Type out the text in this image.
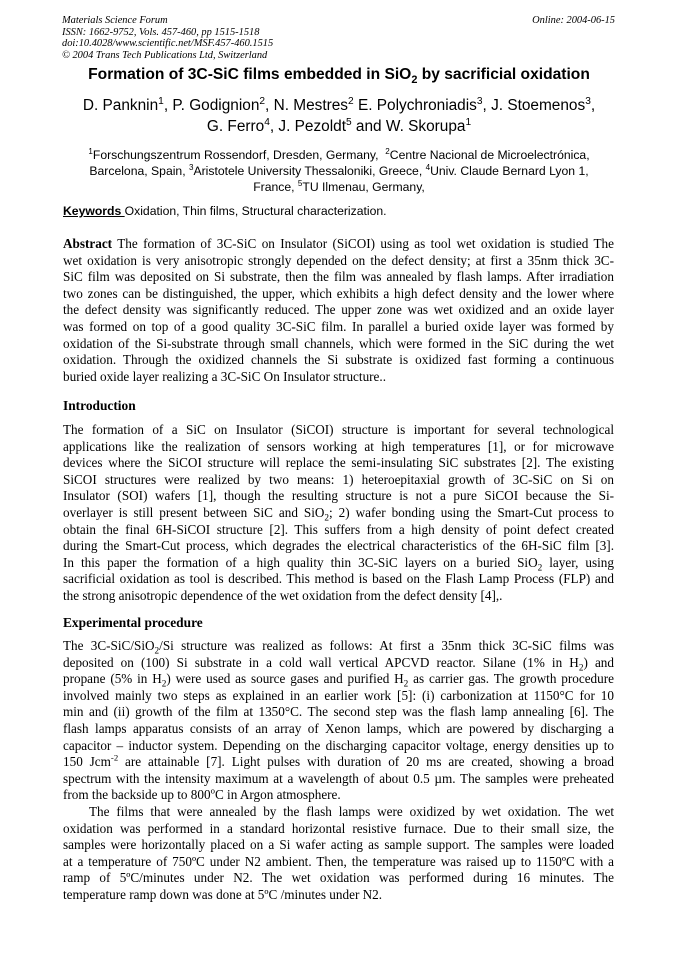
Materials Science Forum
ISSN: 1662-9752, Vols. 457-460, pp 1515-1518
doi:10.4028/www.scientific.net/MSF.457-460.1515
© 2004 Trans Tech Publications Ltd, Switzerland
Online: 2004-06-15
Formation of 3C-SiC films embedded in SiO$_2$ by sacrificial oxidation
D. Panknin$^1$, P. Godignion$^2$, N. Mestres$^2$ E. Polychroniadis$^3$, J. Stoemenos$^3$,
G. Ferro$^4$, J. Pezoldt$^5$ and W. Skorupa$^1$
$^1$Forschungszentrum Rossendorf, Dresden, Germany,  $^2$Centre Nacional de Microelectrónica,
Barcelona, Spain, $^3$Aristotele University Thessaloniki, Greece, $^4$Univ. Claude Bernard Lyon 1,
France, $^5$TU Ilmenau, Germany,
Keywords Oxidation, Thin films, Structural characterization.
Abstract The formation of 3C-SiC on Insulator (SiCOI) using as tool wet oxidation is studied The
wet oxidation is very anisotropic strongly depended on the defect density; at first a 35nm thick 3C-
SiC film was deposited on Si substrate, then the film was annealed by flash lamps. After irradiation
two zones can be distinguished, the upper, which exhibits a high defect density and the lower where
the defect density was significantly reduced. The upper zone was wet oxidized and an oxide layer
was formed on top of a good quality 3C-SiC film. In parallel a buried oxide layer was formed by
oxidation of the Si-substrate through small channels, which were formed in the SiC during the wet
oxidation. Through the oxidized channels the Si substrate is oxidized fast forming a continuous
buried oxide layer realizing a 3C-SiC On Insulator structure..
Introduction
The formation of a SiC on Insulator (SiCOI) structure is important for several technological
applications like the realization of sensors working at high temperatures [1], or for microwave
devices where the SiCOI structure will replace the semi-insulating SiC substrates [2]. The existing
SiCOI structures were realized by two means: 1) heteroepitaxial growth of 3C-SiC on Si on
Insulator (SOI) wafers [1], though the resulting structure is not a pure SiCOI because the Si-
overlayer is still present between SiC and SiO$_2$; 2) wafer bonding using the Smart-Cut process to
obtain the final 6H-SiCOI structure [2]. This suffers from a high density of point defect created
during the Smart-Cut process, which degrades the electrical characteristics of the 6H-SiC film [3].
In this paper the formation of a high quality thin 3C-SiC layers on a buried SiO$_2$ layer, using
sacrificial oxidation as tool is described. This method is based on the Flash Lamp Process (FLP) and
the strong anisotropic dependence of the wet oxidation from the defect density [4],.
Experimental procedure
The 3C-SiC/SiO$_2$/Si structure was realized as follows: At first a 35nm thick 3C-SiC films was
deposited on (100) Si substrate in a cold wall vertical APCVD reactor. Silane (1% in $H_2$) and
propane (5% in $H_2$) were used as source gases and purified $H_2$ as carrier gas. The growth procedure
involved mainly two steps as explained in an earlier work [5]: (i) carbonization at 1150°C for 10
min and (ii) growth of the film at 1350°C. The second step was the flash lamp annealing [6]. The
flash lamps apparatus consists of an array of Xenon lamps, which are powered by discharging a
capacitor – inductor system. Depending on the discharging capacitor voltage, energy densities up to
150 Jcm$^{-2}$ are attainable [7]. Light pulses with duration of 20 ms are created, showing a broad
spectrum with the intensity maximum at a wavelength of about 0.5 µm. The samples were preheated
from the backside up to 800$^o$C in Argon atmosphere.
The films that were annealed by the flash lamps were oxidized by wet oxidation. The wet
oxidation was performed in a standard horizontal resistive furnace. Due to their small size, the
samples were horizontally placed on a Si wafer acting as sample support. The samples were loaded
at a temperature of 750ºC under N2 ambient. Then, the temperature was raised up to 1150ºC with a
ramp of 5ºC/minutes under N2. The wet oxidation was performed during 16 minutes. The
temperature ramp down was done at 5ºC /minutes under N2.
